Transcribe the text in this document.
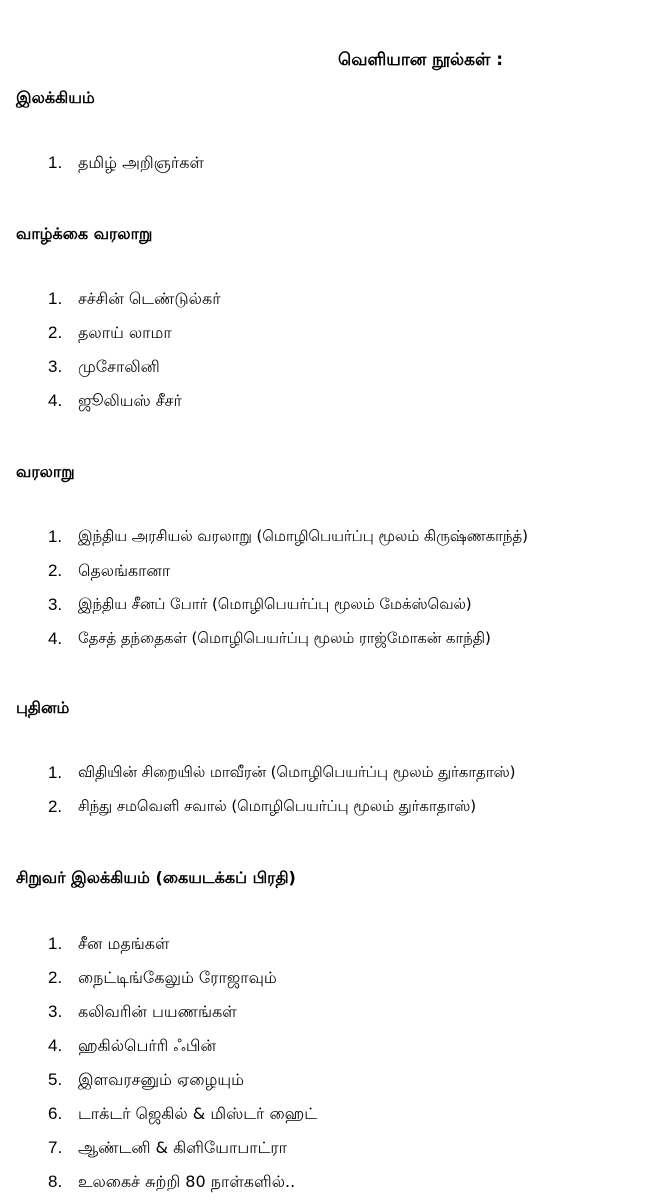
வெளியான நூல்கள் :
இலக்கியம்
1. தமிழ் அறிஞர்கள்
வாழ்க்கை வரலாறு
1. சச்சின் டெண்டுல்கர்
2. தலாய் லாமா
3. முசோலினி
4. ஜூலியஸ் சீசர்
வரலாறு
1.	இந்திய அரசியல் வரலாறு (மொழிபெயர்ப்பு மூலம் கிருஷ்ணகாந்த்)
2.	தெலங்கானா
3.	இந்திய சீனப் போர் (மொழிபெயர்ப்பு மூலம் மேக்ஸ்வெல்)
4.	தேசத் தந்தைகள் (மொழிபெயர்ப்பு மூலம் ராஜ்மோகன் காந்தி)
புதினம்
1.	விதியின் சிறையில் மாவீரன் (மொழிபெயர்ப்பு மூலம் துர்காதாஸ்)
2.	சிந்து சமவெளி சவால் (மொழிபெயர்ப்பு மூலம் துர்காதாஸ்)
சிறுவர் இலக்கியம் (கையடக்கப் பிரதி)
1. சீன மதங்கள்
2. நைட்டிங்கேலும் ரோஜாவும்
3. கலிவரின் பயணங்கள்
4. ஹகில்பெர்ரி ஃபின்
5. இளவரசனும் ஏழையும்
6. டாக்டர் ஜெகில் & மிஸ்டர் ஹைட்
7. ஆண்டனி & கிளியோபாட்ரா
8. உலகைச் சுற்றி 80 நாள்களில்..
